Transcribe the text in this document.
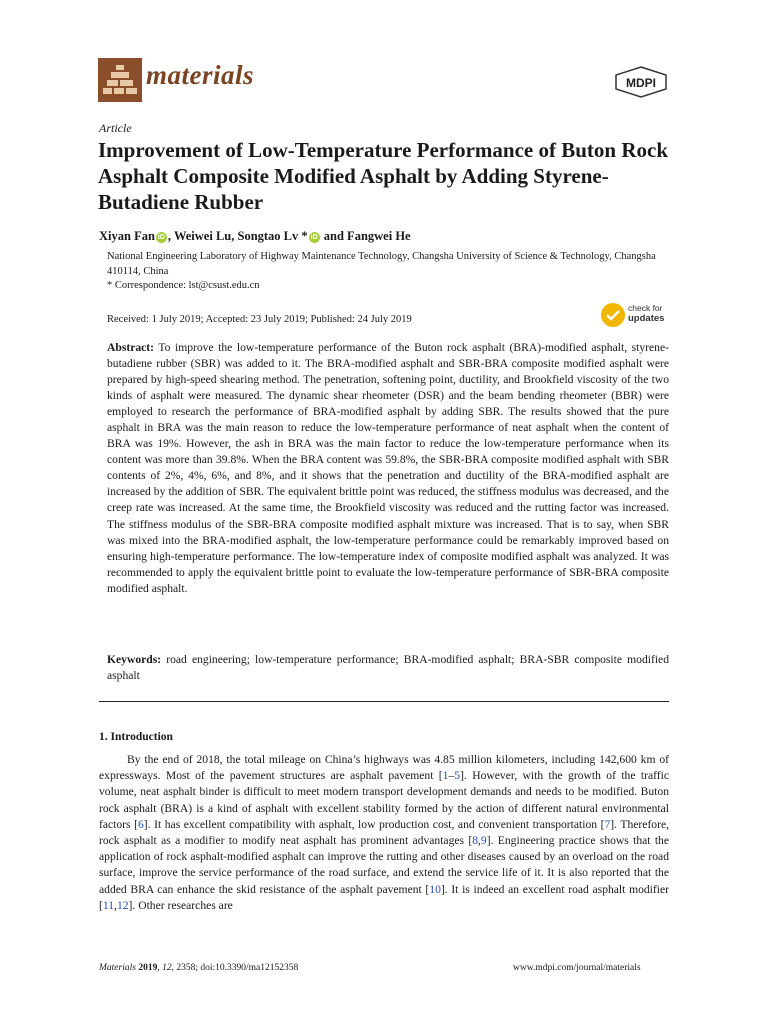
materials	MDPI
Article
Improvement of Low-Temperature Performance of Buton Rock Asphalt Composite Modified Asphalt by Adding Styrene-Butadiene Rubber
Xiyan Fan iD , Weiwei Lu, Songtao Lv * iD and Fangwei He

National Engineering Laboratory of Highway Maintenance Technology, Changsha University of Science & Technology, Changsha 410114, China

* Correspondence: lst@csust.edu.cn

Received: 1 July 2019; Accepted: 23 July 2019; Published: 24 July 2019
check for
updates

Abstract: To improve the low-temperature performance of the Buton rock asphalt (BRA)-modified asphalt, styrene-butadiene rubber (SBR) was added to it. The BRA-modified asphalt and SBR-BRA composite modified asphalt were prepared by high-speed shearing method. The penetration, softening point, ductility, and Brookfield viscosity of the two kinds of asphalt were measured. The dynamic shear rheometer (DSR) and the beam bending rheometer (BBR) were employed to research the performance of BRA-modified asphalt by adding SBR. The results showed that the pure asphalt in BRA was the main reason to reduce the low-temperature performance of neat asphalt when the content of BRA was 19%. However, the ash in BRA was the main factor to reduce the low-temperature performance when its content was more than 39.8%. When the BRA content was 59.8%, the SBR-BRA composite modified asphalt with SBR contents of 2%, 4%, 6%, and 8%, and it shows that the penetration and ductility of the BRA-modified asphalt are increased by the addition of SBR. The equivalent brittle point was reduced, the stiffness modulus was decreased, and the creep rate was increased. At the same time, the Brookfield viscosity was reduced and the rutting factor was increased. The stiffness modulus of the SBR-BRA composite modified asphalt mixture was increased. That is to say, when SBR was mixed into the BRA-modified asphalt, the low-temperature performance could be remarkably improved based on ensuring high-temperature performance. The low-temperature index of composite modified asphalt was analyzed. It was recommended to apply the equivalent brittle point to evaluate the low-temperature performance of SBR-BRA composite modified asphalt.

Keywords: road engineering; low-temperature performance; BRA-modified asphalt; BRA-SBR composite modified asphalt

1. Introduction

By the end of 2018, the total mileage on China’s highways was 4.85 million kilometers, including 142,600 km of expressways. Most of the pavement structures are asphalt pavement [1–5]. However, with the growth of the traffic volume, neat asphalt binder is difficult to meet modern transport development demands and needs to be modified. Buton rock asphalt (BRA) is a kind of asphalt with excellent stability formed by the action of different natural environmental factors [6]. It has excellent compatibility with asphalt, low production cost, and convenient transportation [7]. Therefore, rock asphalt as a modifier to modify neat asphalt has prominent advantages [8,9]. Engineering practice shows that the application of rock asphalt-modified asphalt can improve the rutting and other diseases caused by an overload on the road surface, improve the service performance of the road surface, and extend the service life of it. It is also reported that the added BRA can enhance the skid resistance of the asphalt pavement [10]. It is indeed an excellent road asphalt modifier [11,12]. Other researches are

Materials 2019, 12, 2358; doi:10.3390/ma12152358	www.mdpi.com/journal/materials
